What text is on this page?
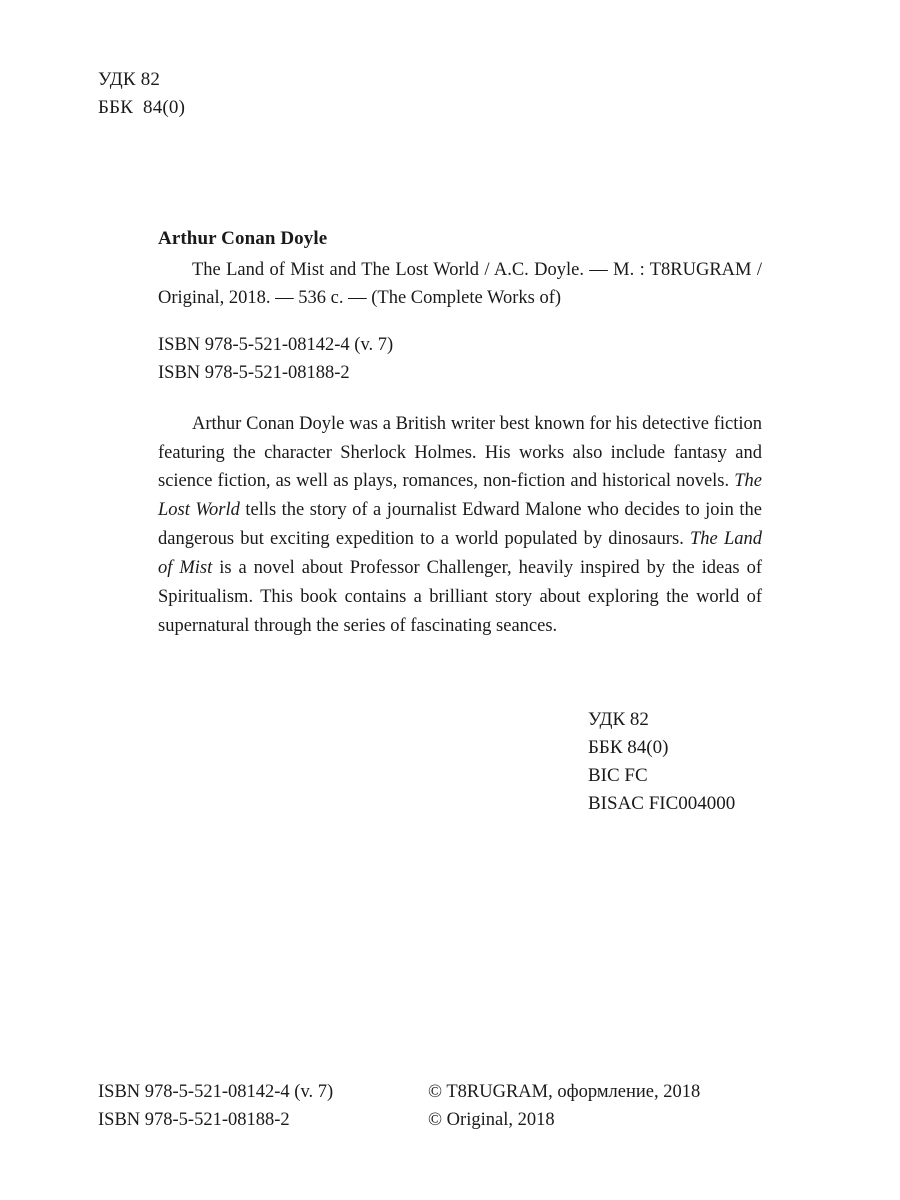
УДК 82
ББК  84(0)
Arthur Conan Doyle
The Land of Mist and The Lost World / A.C. Doyle. — M. : T8RUGRAM / Original, 2018. — 536 c. — (The Complete Works of)
ISBN 978-5-521-08142-4 (v. 7)
ISBN 978-5-521-08188-2
Arthur Conan Doyle was a British writer best known for his detective fiction featuring the character Sherlock Holmes. His works also include fantasy and science fiction, as well as plays, romances, non-fiction and historical novels. The Lost World tells the story of a journalist Edward Malone who decides to join the dangerous but exciting expedition to a world populated by dinosaurs. The Land of Mist is a novel about Professor Challenger, heavily inspired by the ideas of Spiritualism. This book contains a brilliant story about exploring the world of supernatural through the series of fascinating seances.
УДК 82
ББК 84(0)
BIC FC
BISAC FIC004000
ISBN 978-5-521-08142-4 (v. 7)	© T8RUGRAM, оформление, 2018
ISBN 978-5-521-08188-2	© Original, 2018
